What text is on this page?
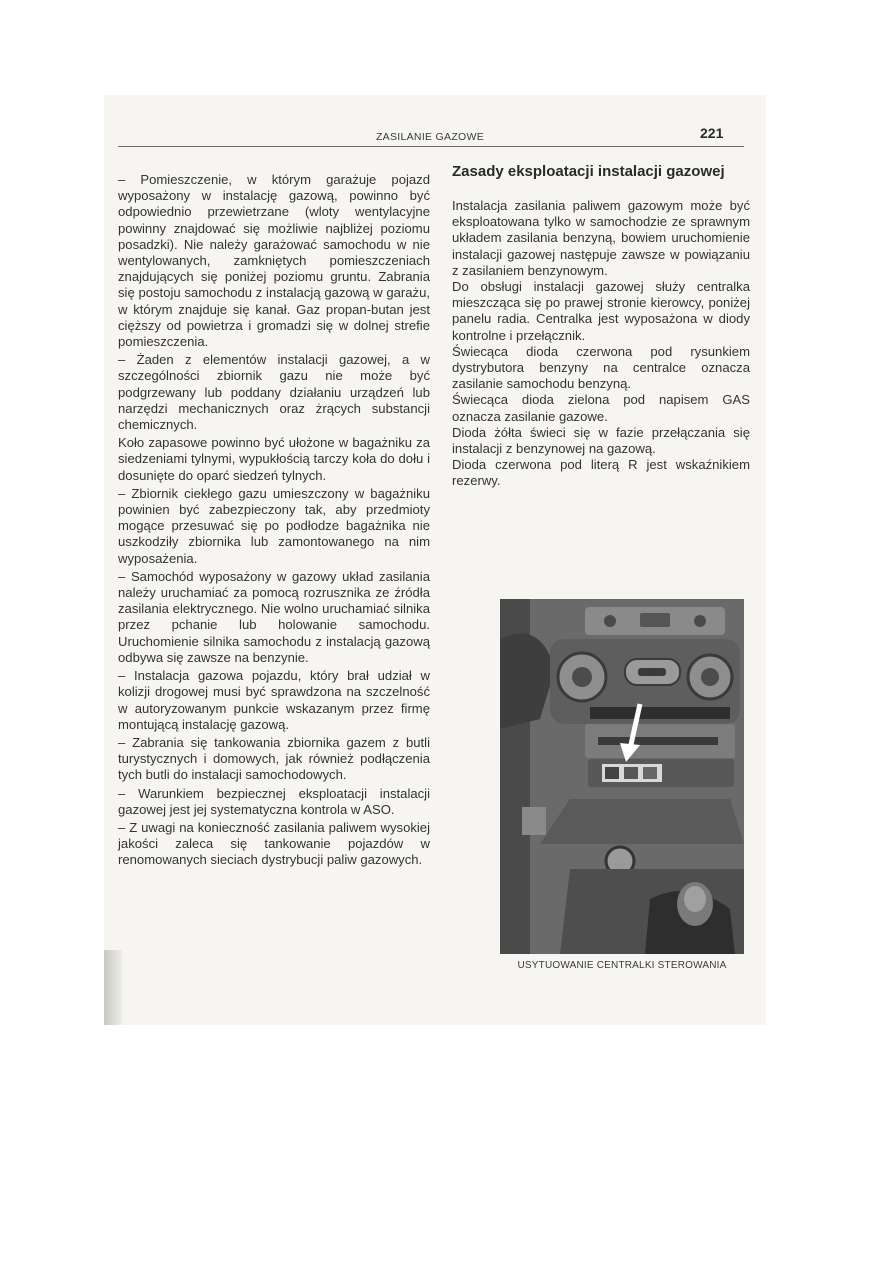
ZASILANIE GAZOWE	221

– Pomieszczenie, w którym garażuje pojazd wyposażony w instalację gazową, powinno być odpowiednio przewietrzane (wloty wentylacyjne powinny znajdować się możliwie najbliżej poziomu posadzki). Nie należy garażować samochodu w nie wentylowanych, zamkniętych pomieszczeniach znajdujących się poniżej poziomu gruntu. Zabrania się postoju samochodu z instalacją gazową w garażu, w którym znajduje się kanał. Gaz propan-butan jest cięższy od powietrza i gromadzi się w dolnej strefie pomieszczenia.

– Żaden z elementów instalacji gazowej, a w szczególności zbiornik gazu nie może być podgrzewany lub poddany działaniu urządzeń lub narzędzi mechanicznych oraz żrących substancji chemicznych.

Koło zapasowe powinno być ułożone w bagażniku za siedzeniami tylnymi, wypukłością tarczy koła do dołu i dosunięte do oparć siedzeń tylnych.

– Zbiornik ciekłego gazu umieszczony w bagażniku powinien być zabezpieczony tak, aby przedmioty mogące przesuwać się po podłodze bagażnika nie uszkodziły zbiornika lub zamontowanego na nim wyposażenia.

– Samochód wyposażony w gazowy układ zasilania należy uruchamiać za pomocą rozrusznika ze źródła zasilania elektrycznego. Nie wolno uruchamiać silnika przez pchanie lub holowanie samochodu. Uruchomienie silnika samochodu z instalacją gazową odbywa się zawsze na benzynie.

– Instalacja gazowa pojazdu, który brał udział w kolizji drogowej musi być sprawdzona na szczelność w autoryzowanym punkcie wskazanym przez firmę montującą instalację gazową.

– Zabrania się tankowania zbiornika gazem z butli turystycznych i domowych, jak również podłączenia tych butli do instalacji samochodowych.

– Warunkiem bezpiecznej eksploatacji instalacji gazowej jest jej systematyczna kontrola w ASO.

– Z uwagi na konieczność zasilania paliwem wysokiej jakości zaleca się tankowanie pojazdów w renomowanych sieciach dystrybucji paliw gazowych.

Zasady eksploatacji instalacji gazowej

Instalacja zasilania paliwem gazowym może być eksploatowana tylko w samochodzie ze sprawnym układem zasilania benzyną, bowiem uruchomienie instalacji gazowej następuje zawsze w powiązaniu z zasilaniem benzynowym.

Do obsługi instalacji gazowej służy centralka mieszcząca się po prawej stronie kierowcy, poniżej panelu radia. Centralka jest wyposażona w diody kontrolne i przełącznik.

Świecąca dioda czerwona pod rysunkiem dystrybutora benzyny na centralce oznacza zasilanie samochodu benzyną.

Świecąca dioda zielona pod napisem GAS oznacza zasilanie gazowe.

Dioda żółta świeci się w fazie przełączania się instalacji z benzynowej na gazową.

Dioda czerwona pod literą R jest wskaźnikiem rezerwy.

USYTUOWANIE CENTRALKI STEROWANIA
